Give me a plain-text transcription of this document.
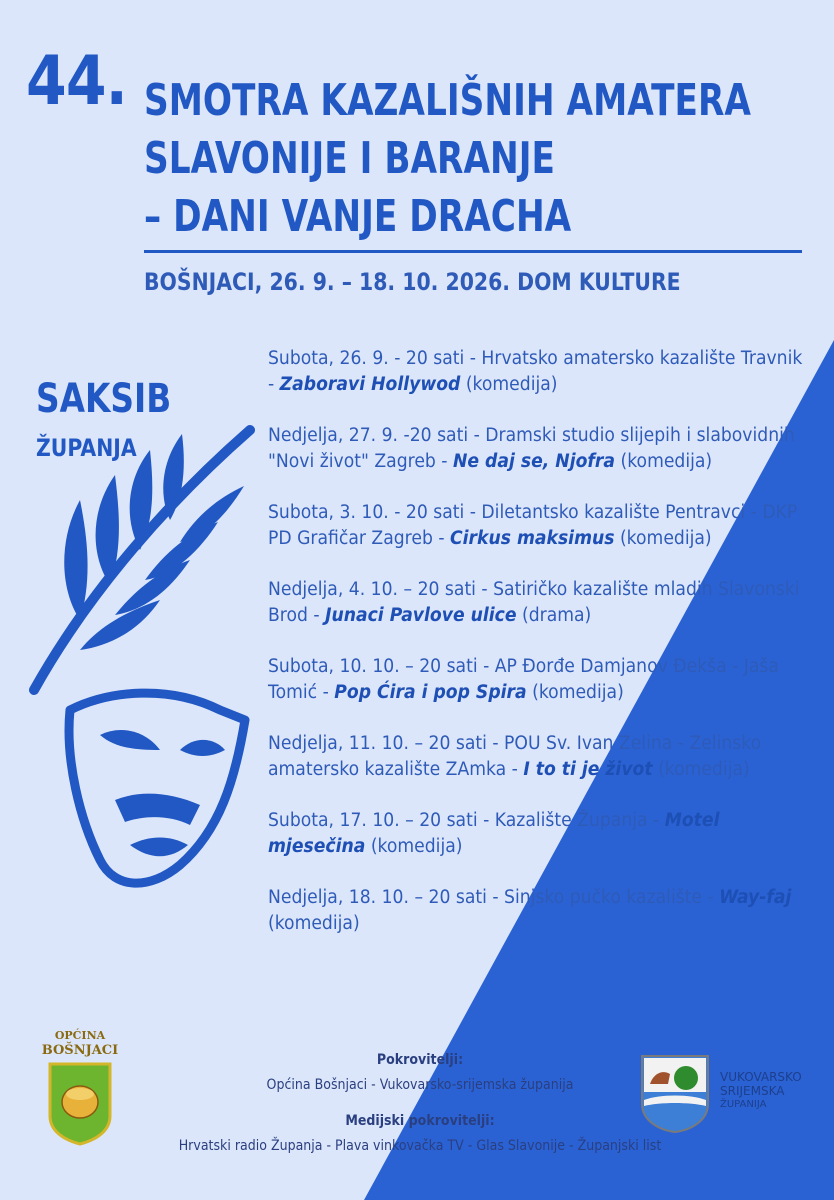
44. SMOTRA KAZALIŠNIH AMATERA
SLAVONIJE I BARANJE
– DANI VANJE DRACHA
BOŠNJACI, 26. 9. – 18. 10. 2026. DOM KULTURE
SAKSIB
ŽUPANJA
Subota, 26. 9. - 20 sati - Hrvatsko amatersko kazalište Travnik - Zaboravi Hollywod (komedija)
Nedjelja, 27. 9. -20 sati - Dramski studio slijepih i slabovidnih "Novi život" Zagreb - Ne daj se, Njofra (komedija)
Subota, 3. 10. - 20 sati - Diletantsko kazalište Pentravci - DKP PD Grafičar Zagreb - Cirkus maksimus (komedija)
Nedjelja, 4. 10. – 20 sati - Satiričko kazalište mladih Slavonski Brod - Junaci Pavlove ulice (drama)
Subota, 10. 10. – 20 sati - AP Đorđe Damjanov Đekša - Jaša Tomić - Pop Ćira i pop Spira (komedija)
Nedjelja, 11. 10. – 20 sati - POU Sv. Ivan Zelina - Zelinsko amatersko kazalište ZAmka - I to ti je život (komedija)
Subota, 17. 10. – 20 sati - Kazalište Županja - Motel mjesečina (komedija)
Nedjelja, 18. 10. – 20 sati - Sinjsko pučko kazalište - Way-faj (komedija)
OPĆINA
BOŠNJACI
VUKOVARSKO
SRIJEMSKA
ŽUPANIJA
Pokrovitelji:
Općina Bošnjaci - Vukovarsko-srijemska županija
Medijski pokrovitelji:
Hrvatski radio Županja - Plava vinkovačka TV - Glas Slavonije - Županjski list
